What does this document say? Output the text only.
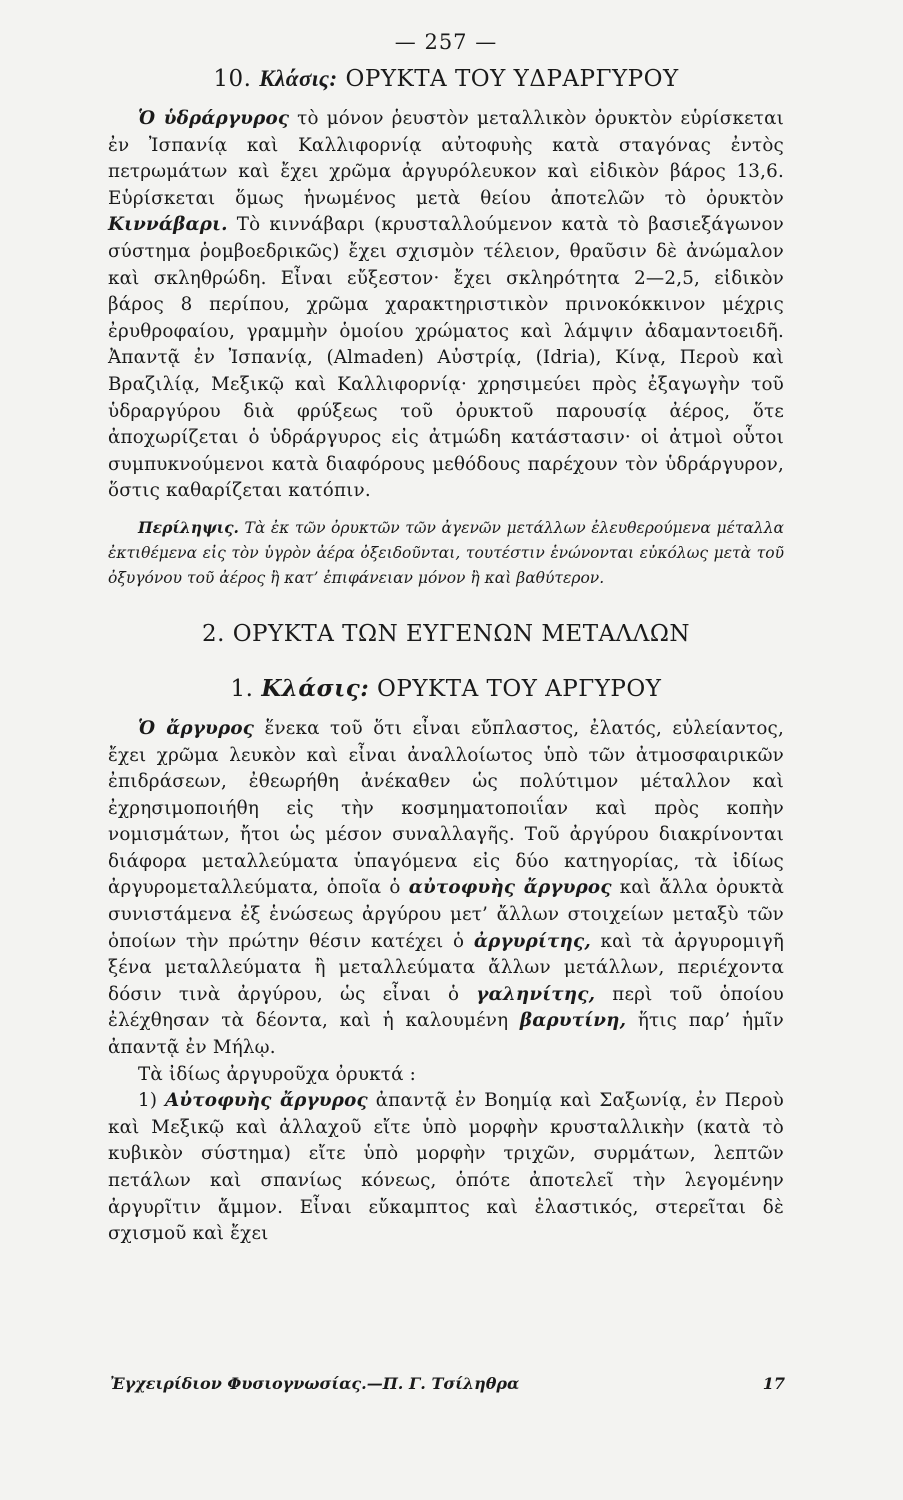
— 257 —
10. Κλάσις: ΟΡΥΚΤΑ ΤΟΥ ΥΔΡΑΡΓΥΡΟΥ

Ὁ ὑδράργυρος τὸ μόνον ῥευστὸν μεταλλικὸν ὀρυκτὸν εὑρίσκεται ἐν Ἰσπανίᾳ καὶ Καλλιφορνίᾳ αὐτοφυὴς κατὰ σταγόνας ἐντὸς πετρωμάτων καὶ ἔχει χρῶμα ἀργυρόλευκον καὶ εἰδικὸν βάρος 13,6. Εὑρίσκεται ὅμως ἡνωμένος μετὰ θείου ἀποτελῶν τὸ ὀρυκτὸν Κιννάβαρι. Τὸ κιννάβαρι (κρυσταλλούμενον κατὰ τὸ βασιεξάγωνον σύστημα ῥομβοεδρικῶς) ἔχει σχισμὸν τέλειον, θραῦσιν δὲ ἀνώμαλον καὶ σκληθρώδη. Εἶναι εὔξεστον· ἔχει σκληρότητα 2—2,5, εἰδικὸν βάρος 8 περίπου, χρῶμα χαρακτηριστικὸν πρινοκόκκινον μέχρις ἐρυθροφαίου, γραμμὴν ὁμοίου χρώματος καὶ λάμψιν ἀδαμαντοειδῆ. Ἀπαντᾷ ἐν Ἰσπανίᾳ, (Almaden) Αὐστρίᾳ, (Idria), Κίνᾳ, Περοὺ καὶ Βραζιλίᾳ, Μεξικῷ καὶ Καλλιφορνίᾳ· χρησιμεύει πρὸς ἐξαγωγὴν τοῦ ὑδραργύρου διὰ φρύξεως τοῦ ὀρυκτοῦ παρουσίᾳ ἀέρος, ὅτε ἀποχωρίζεται ὁ ὑδράργυρος εἰς ἀτμώδη κατάστασιν· οἱ ἀτμοὶ οὗτοι συμπυκνούμενοι κατὰ διαφόρους μεθόδους παρέχουν τὸν ὑδράργυρον, ὅστις καθαρίζεται κατόπιν.

Περίληψις. Τὰ ἐκ τῶν ὀρυκτῶν τῶν ἀγενῶν μετάλλων ἐλευθερούμενα μέταλλα ἐκτιθέμενα εἰς τὸν ὑγρὸν ἀέρα ὀξειδοῦνται, τουτέστιν ἑνώνονται εὐκόλως μετὰ τοῦ ὀξυγόνου τοῦ ἀέρος ἢ κατ’ ἐπιφάνειαν μόνον ἢ καὶ βαθύτερον.

2. ΟΡΥΚΤΑ ΤΩΝ ΕΥΓΕΝΩΝ ΜΕΤΑΛΛΩΝ
1. Κλάσις: ΟΡΥΚΤΑ ΤΟΥ ΑΡΓΥΡΟΥ

Ὁ ἄργυρος ἕνεκα τοῦ ὅτι εἶναι εὔπλαστος, ἐλατός, εὐλείαντος, ἔχει χρῶμα λευκὸν καὶ εἶναι ἀναλλοίωτος ὑπὸ τῶν ἀτμοσφαιρικῶν ἐπιδράσεων, ἐθεωρήθη ἀνέκαθεν ὡς πολύτιμον μέταλλον καὶ ἐχρησιμοποιήθη εἰς τὴν κοσμηματοποιΐαν καὶ πρὸς κοπὴν νομισμάτων, ἤτοι ὡς μέσον συναλλαγῆς. Τοῦ ἀργύρου διακρίνονται διάφορα μεταλλεύματα ὑπαγόμενα εἰς δύο κατηγορίας, τὰ ἰδίως ἀργυρομεταλλεύματα, ὁποῖα ὁ αὐτοφυὴς ἄργυρος καὶ ἄλλα ὀρυκτὰ συνιστάμενα ἐξ ἑνώσεως ἀργύρου μετ’ ἄλλων στοιχείων μεταξὺ τῶν ὁποίων τὴν πρώτην θέσιν κατέχει ὁ ἀργυρίτης, καὶ τὰ ἀργυρομιγῆ ξένα μεταλλεύματα ἢ μεταλλεύματα ἄλλων μετάλλων, περιέχοντα δόσιν τινὰ ἀργύρου, ὡς εἶναι ὁ γαληνίτης, περὶ τοῦ ὁποίου ἐλέχθησαν τὰ δέοντα, καὶ ἡ καλουμένη βαρυτίνη, ἥτις παρ’ ἡμῖν ἀπαντᾷ ἐν Μήλῳ.

Τὰ ἰδίως ἀργυροῦχα ὀρυκτά :

1) Αὐτοφυὴς ἄργυρος ἀπαντᾷ ἐν Βοημίᾳ καὶ Σαξωνίᾳ, ἐν Περοὺ καὶ Μεξικῷ καὶ ἀλλαχοῦ εἴτε ὑπὸ μορφὴν κρυσταλλικὴν (κατὰ τὸ κυβικὸν σύστημα) εἴτε ὑπὸ μορφὴν τριχῶν, συρμάτων, λεπτῶν πετάλων καὶ σπανίως κόνεως, ὁπότε ἀποτελεῖ τὴν λεγομένην ἀργυρῖτιν ἄμμον. Εἶναι εὔκαμπτος καὶ ἐλαστικός, στερεῖται δὲ σχισμοῦ καὶ ἔχει

Ἐγχειρίδιον Φυσιογνωσίας.—Π. Γ. Τσίληθρα	17
